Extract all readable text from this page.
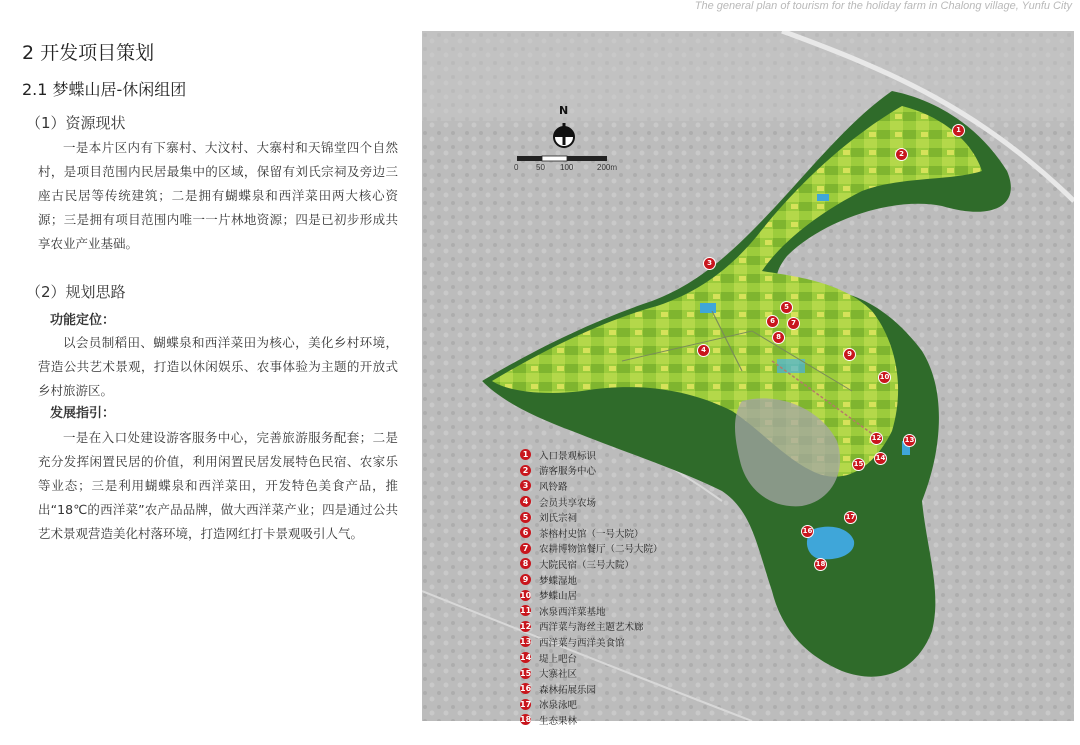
The general plan of tourism for the holiday farm in Chalong village, Yunfu City
2 开发项目策划
2.1 梦蝶山居-休闲组团
（1）资源现状

一是本片区内有下寨村、大汶村、大寨村和天锦堂四个自然村，是项目范围内民居最集中的区域，保留有刘氏宗祠及旁边三座古民居等传统建筑；二是拥有蝴蝶泉和西洋菜田两大核心资源；三是拥有项目范围内唯一一片林地资源；四是已初步形成共享农业产业基础。

（2）规划思路
功能定位：

以会员制稻田、蝴蝶泉和西洋菜田为核心，美化乡村环境，营造公共艺术景观，打造以休闲娱乐、农事体验为主题的开放式乡村旅游区。

发展指引：

一是在入口处建设游客服务中心，完善旅游服务配套；二是充分发挥闲置民居的价值，利用闲置民居发展特色民宿、农家乐等业态；三是利用蝴蝶泉和西洋菜田，开发特色美食产品，推出“18℃的西洋菜”农产品品牌，做大西洋菜产业；四是通过公共艺术景观营造美化村落环境，打造网红打卡景观吸引人气。

N
0 50 100	200m
1
2
3
4
5
6	7
8
9
10
12	13
14
15
16
17
18
1 入口景观标识
2 游客服务中心
3 风铃路
4 会员共享农场
5 刘氏宗祠
6 茶榕村史馆（一号大院）
7 农耕博物馆餐厅（二号大院）
8 大院民宿（三号大院）
9 梦蝶湿地
10 梦蝶山居
11 冰泉西洋菜基地
12 西洋菜与海丝主题艺术廊
13 西洋菜与西洋美食馆
14 堤上吧台
15 大寨社区
16 森林拓展乐园
17 冰泉泳吧
18 生态果林
